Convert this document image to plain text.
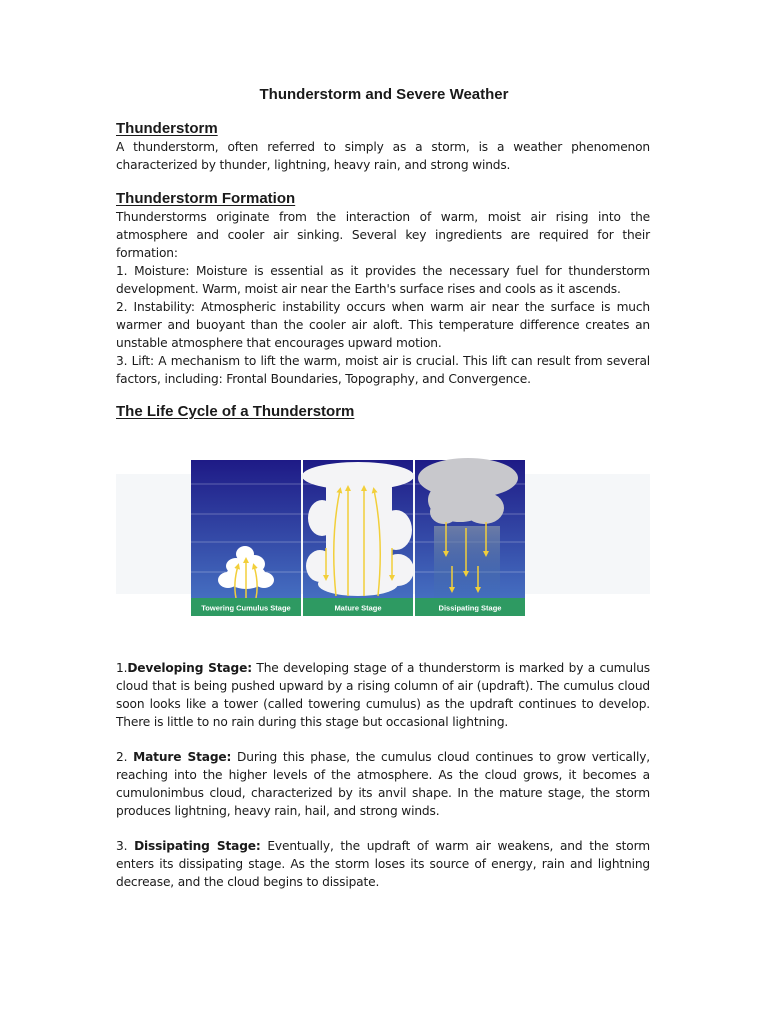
Thunderstorm and Severe Weather
Thunderstorm

A thunderstorm, often referred to simply as a storm, is a weather phenomenon characterized by thunder, lightning, heavy rain, and strong winds.

Thunderstorm Formation

Thunderstorms originate from the interaction of warm, moist air rising into the atmosphere and cooler air sinking. Several key ingredients are required for their formation:
1. Moisture: Moisture is essential as it provides the necessary fuel for thunderstorm development. Warm, moist air near the Earth's surface rises and cools as it ascends.
2. Instability: Atmospheric instability occurs when warm air near the surface is much warmer and buoyant than the cooler air aloft. This temperature difference creates an unstable atmosphere that encourages upward motion.
3. Lift: A mechanism to lift the warm, moist air is crucial. This lift can result from several factors, including: Frontal Boundaries, Topography, and Convergence.

The Life Cycle of a Thunderstorm
Towering Cumulus Stage	Mature Stage	Dissipating Stage

1.Developing Stage: The developing stage of a thunderstorm is marked by a cumulus cloud that is being pushed upward by a rising column of air (updraft). The cumulus cloud soon looks like a tower (called towering cumulus) as the updraft continues to develop. There is little to no rain during this stage but occasional lightning.

2. Mature Stage: During this phase, the cumulus cloud continues to grow vertically, reaching into the higher levels of the atmosphere. As the cloud grows, it becomes a cumulonimbus cloud, characterized by its anvil shape. In the mature stage, the storm produces lightning, heavy rain, hail, and strong winds.

3. Dissipating Stage: Eventually, the updraft of warm air weakens, and the storm enters its dissipating stage. As the storm loses its source of energy, rain and lightning decrease, and the cloud begins to dissipate.
